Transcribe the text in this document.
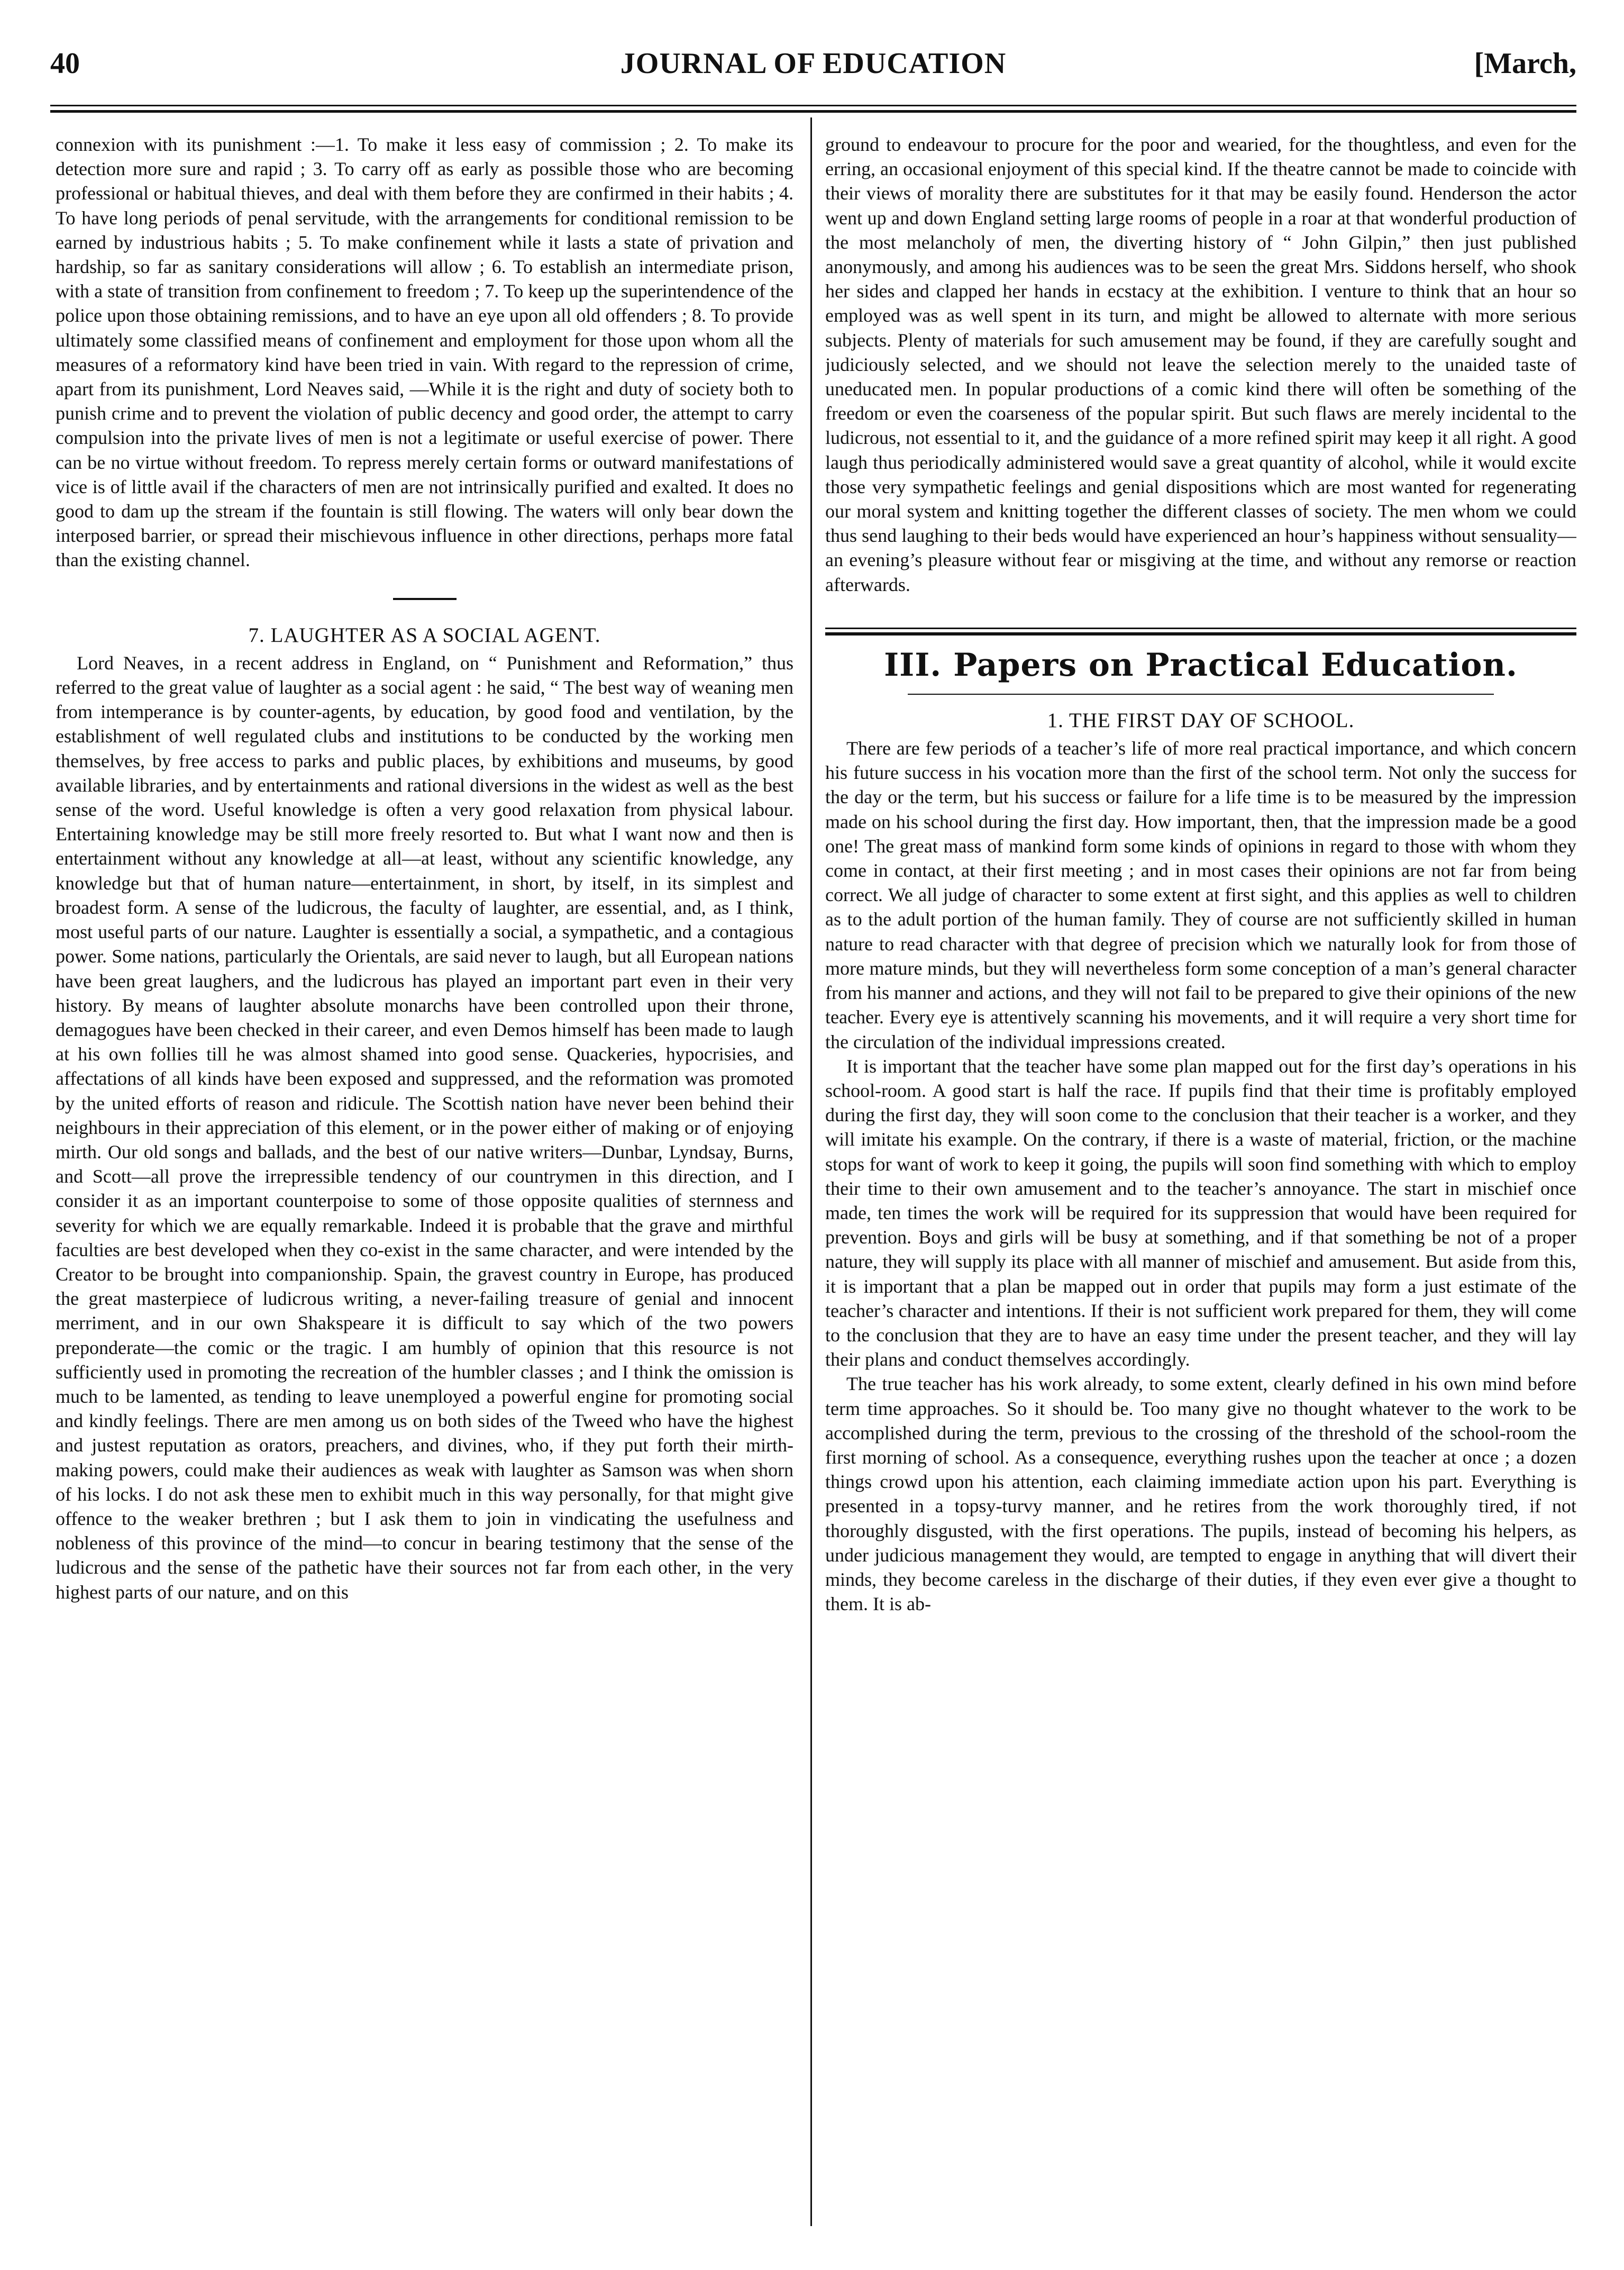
40	JOURNAL OF EDUCATION	[March,

connexion with its punishment :—1. To make it less easy of commission ; 2. To make its detection more sure and rapid ; 3. To carry off as early as possible those who are becoming professional or habitual thieves, and deal with them before they are confirmed in their habits ; 4. To have long periods of penal servitude, with the arrangements for conditional remission to be earned by industrious habits ; 5. To make confinement while it lasts a state of privation and hardship, so far as sanitary considerations will allow ; 6. To establish an intermediate prison, with a state of transition from confinement to freedom ; 7. To keep up the superintendence of the police upon those obtaining remissions, and to have an eye upon all old offenders ; 8. To provide ultimately some classified means of confinement and employment for those upon whom all the measures of a reformatory kind have been tried in vain. With regard to the repression of crime, apart from its punishment, Lord Neaves said, —While it is the right and duty of society both to punish crime and to prevent the violation of public decency and good order, the attempt to carry compulsion into the private lives of men is not a legitimate or useful exercise of power. There can be no virtue without freedom. To repress merely certain forms or outward manifestations of vice is of little avail if the characters of men are not intrinsically purified and exalted. It does no good to dam up the stream if the fountain is still flowing. The waters will only bear down the interposed barrier, or spread their mischievous influence in other directions, perhaps more fatal than the existing channel.

7. LAUGHTER AS A SOCIAL AGENT.

Lord Neaves, in a recent address in England, on “ Punishment and Reformation,” thus referred to the great value of laughter as a social agent : he said, “ The best way of weaning men from intemperance is by counter-agents, by education, by good food and ventilation, by the establishment of well regulated clubs and institutions to be conducted by the working men themselves, by free access to parks and public places, by exhibitions and museums, by good available libraries, and by entertainments and rational diversions in the widest as well as the best sense of the word. Useful knowledge is often a very good relaxation from physical labour. Entertaining knowledge may be still more freely resorted to. But what I want now and then is entertainment without any knowledge at all—at least, without any scientific knowledge, any knowledge but that of human nature—entertainment, in short, by itself, in its simplest and broadest form. A sense of the ludicrous, the faculty of laughter, are essential, and, as I think, most useful parts of our nature. Laughter is essentially a social, a sympathetic, and a contagious power. Some nations, particularly the Orientals, are said never to laugh, but all European nations have been great laughers, and the ludicrous has played an important part even in their very history. By means of laughter absolute monarchs have been controlled upon their throne, demagogues have been checked in their career, and even Demos himself has been made to laugh at his own follies till he was almost shamed into good sense. Quackeries, hypocrisies, and affectations of all kinds have been exposed and suppressed, and the reformation was promoted by the united efforts of reason and ridicule. The Scottish nation have never been behind their neighbours in their appreciation of this element, or in the power either of making or of enjoying mirth. Our old songs and ballads, and the best of our native writers—Dunbar, Lyndsay, Burns, and Scott—all prove the irrepressible tendency of our countrymen in this direction, and I consider it as an important counterpoise to some of those opposite qualities of sternness and severity for which we are equally remarkable. Indeed it is probable that the grave and mirthful faculties are best developed when they co-exist in the same character, and were intended by the Creator to be brought into companionship. Spain, the gravest country in Europe, has produced the great masterpiece of ludicrous writing, a never-failing treasure of genial and innocent merriment, and in our own Shakspeare it is difficult to say which of the two powers preponderate—the comic or the tragic. I am humbly of opinion that this resource is not sufficiently used in promoting the recreation of the humbler classes ; and I think the omission is much to be lamented, as tending to leave unemployed a powerful engine for promoting social and kindly feelings. There are men among us on both sides of the Tweed who have the highest and justest reputation as orators, preachers, and divines, who, if they put forth their mirth-making powers, could make their audiences as weak with laughter as Samson was when shorn of his locks. I do not ask these men to exhibit much in this way personally, for that might give offence to the weaker brethren ; but I ask them to join in vindicating the usefulness and nobleness of this province of the mind—to concur in bearing testimony that the sense of the ludicrous and the sense of the pathetic have their sources not far from each other, in the very highest parts of our nature, and on this

ground to endeavour to procure for the poor and wearied, for the thoughtless, and even for the erring, an occasional enjoyment of this special kind. If the theatre cannot be made to coincide with their views of morality there are substitutes for it that may be easily found. Henderson the actor went up and down England setting large rooms of people in a roar at that wonderful production of the most melancholy of men, the diverting history of “ John Gilpin,” then just published anonymously, and among his audiences was to be seen the great Mrs. Siddons herself, who shook her sides and clapped her hands in ecstacy at the exhibition. I venture to think that an hour so employed was as well spent in its turn, and might be allowed to alternate with more serious subjects. Plenty of materials for such amusement may be found, if they are carefully sought and judiciously selected, and we should not leave the selection merely to the unaided taste of uneducated men. In popular productions of a comic kind there will often be something of the freedom or even the coarseness of the popular spirit. But such flaws are merely incidental to the ludicrous, not essential to it, and the guidance of a more refined spirit may keep it all right. A good laugh thus periodically administered would save a great quantity of alcohol, while it would excite those very sympathetic feelings and genial dispositions which are most wanted for regenerating our moral system and knitting together the different classes of society. The men whom we could thus send laughing to their beds would have experienced an hour’s happiness without sensuality—an evening’s pleasure without fear or misgiving at the time, and without any remorse or reaction afterwards.

III. Papers on Practical Education.

1. THE FIRST DAY OF SCHOOL.

There are few periods of a teacher’s life of more real practical importance, and which concern his future success in his vocation more than the first of the school term. Not only the success for the day or the term, but his success or failure for a life time is to be measured by the impression made on his school during the first day. How important, then, that the impression made be a good one! The great mass of mankind form some kinds of opinions in regard to those with whom they come in contact, at their first meeting ; and in most cases their opinions are not far from being correct. We all judge of character to some extent at first sight, and this applies as well to children as to the adult portion of the human family. They of course are not sufficiently skilled in human nature to read character with that degree of precision which we naturally look for from those of more mature minds, but they will nevertheless form some conception of a man’s general character from his manner and actions, and they will not fail to be prepared to give their opinions of the new teacher. Every eye is attentively scanning his movements, and it will require a very short time for the circulation of the individual impressions created.

It is important that the teacher have some plan mapped out for the first day’s operations in his school-room. A good start is half the race. If pupils find that their time is profitably employed during the first day, they will soon come to the conclusion that their teacher is a worker, and they will imitate his example. On the contrary, if there is a waste of material, friction, or the machine stops for want of work to keep it going, the pupils will soon find something with which to employ their time to their own amusement and to the teacher’s annoyance. The start in mischief once made, ten times the work will be required for its suppression that would have been required for prevention. Boys and girls will be busy at something, and if that something be not of a proper nature, they will supply its place with all manner of mischief and amusement. But aside from this, it is important that a plan be mapped out in order that pupils may form a just estimate of the teacher’s character and intentions. If their is not sufficient work prepared for them, they will come to the conclusion that they are to have an easy time under the present teacher, and they will lay their plans and conduct themselves accordingly.

The true teacher has his work already, to some extent, clearly defined in his own mind before term time approaches. So it should be. Too many give no thought whatever to the work to be accomplished during the term, previous to the crossing of the threshold of the school-room the first morning of school. As a consequence, everything rushes upon the teacher at once ; a dozen things crowd upon his attention, each claiming immediate action upon his part. Everything is presented in a topsy-turvy manner, and he retires from the work thoroughly tired, if not thoroughly disgusted, with the first operations. The pupils, instead of becoming his helpers, as under judicious management they would, are tempted to engage in anything that will divert their minds, they become careless in the discharge of their duties, if they even ever give a thought to them. It is ab-
